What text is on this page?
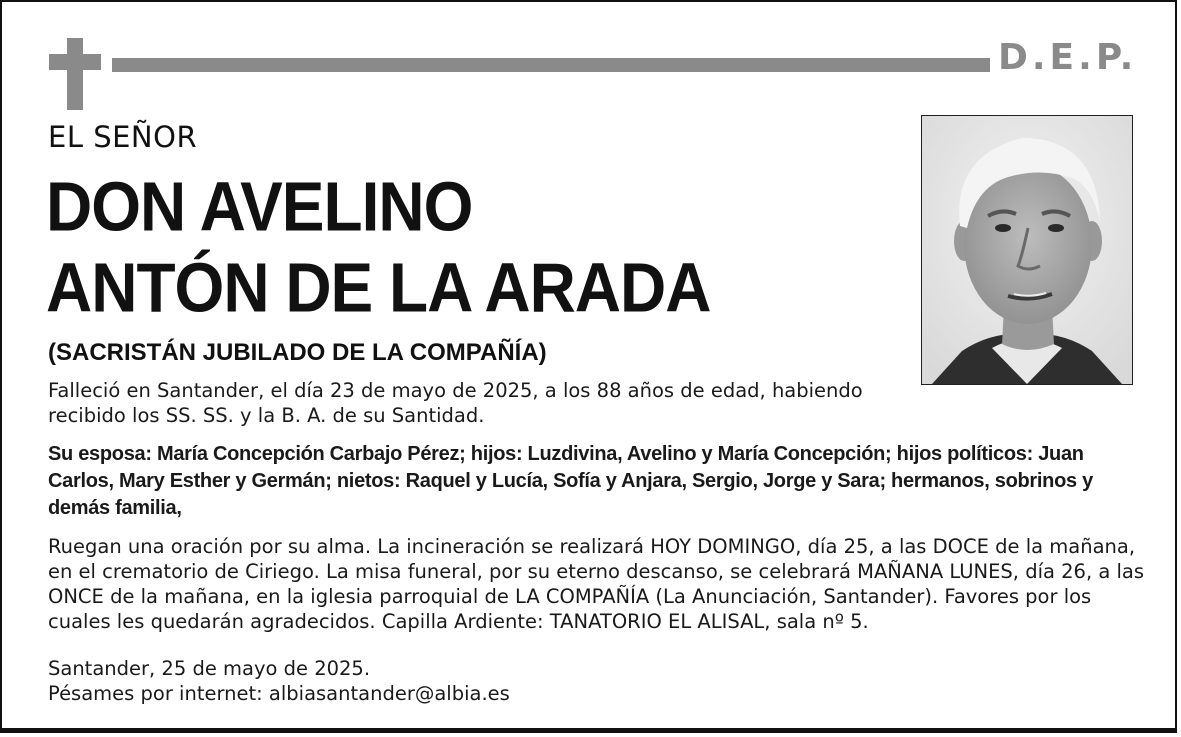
D.E.P.
EL SEÑOR
DON AVELINO
ANTÓN DE LA ARADA
(SACRISTÁN JUBILADO DE LA COMPAÑÍA)
Falleció en Santander, el día 23 de mayo de 2025, a los 88 años de edad, habiendo recibido los SS. SS. y la B. A. de su Santidad.
Su esposa: María Concepción Carbajo Pérez; hijos: Luzdivina, Avelino y María Concepción; hijos políticos: Juan Carlos, Mary Esther y Germán; nietos: Raquel y Lucía, Sofía y Anjara, Sergio, Jorge y Sara; hermanos, sobrinos y demás familia,
Ruegan una oración por su alma. La incineración se realizará HOY DOMINGO, día 25, a las DOCE de la mañana, en el crematorio de Ciriego. La misa funeral, por su eterno descanso, se celebrará MAÑANA LUNES, día 26, a las ONCE de la mañana, en la iglesia parroquial de LA COMPAÑÍA (La Anunciación, Santander). Favores por los cuales les quedarán agradecidos. Capilla Ardiente: TANATORIO EL ALISAL, sala nº 5.
Santander, 25 de mayo de 2025.
Pésames por internet: albiasantander@albia.es
